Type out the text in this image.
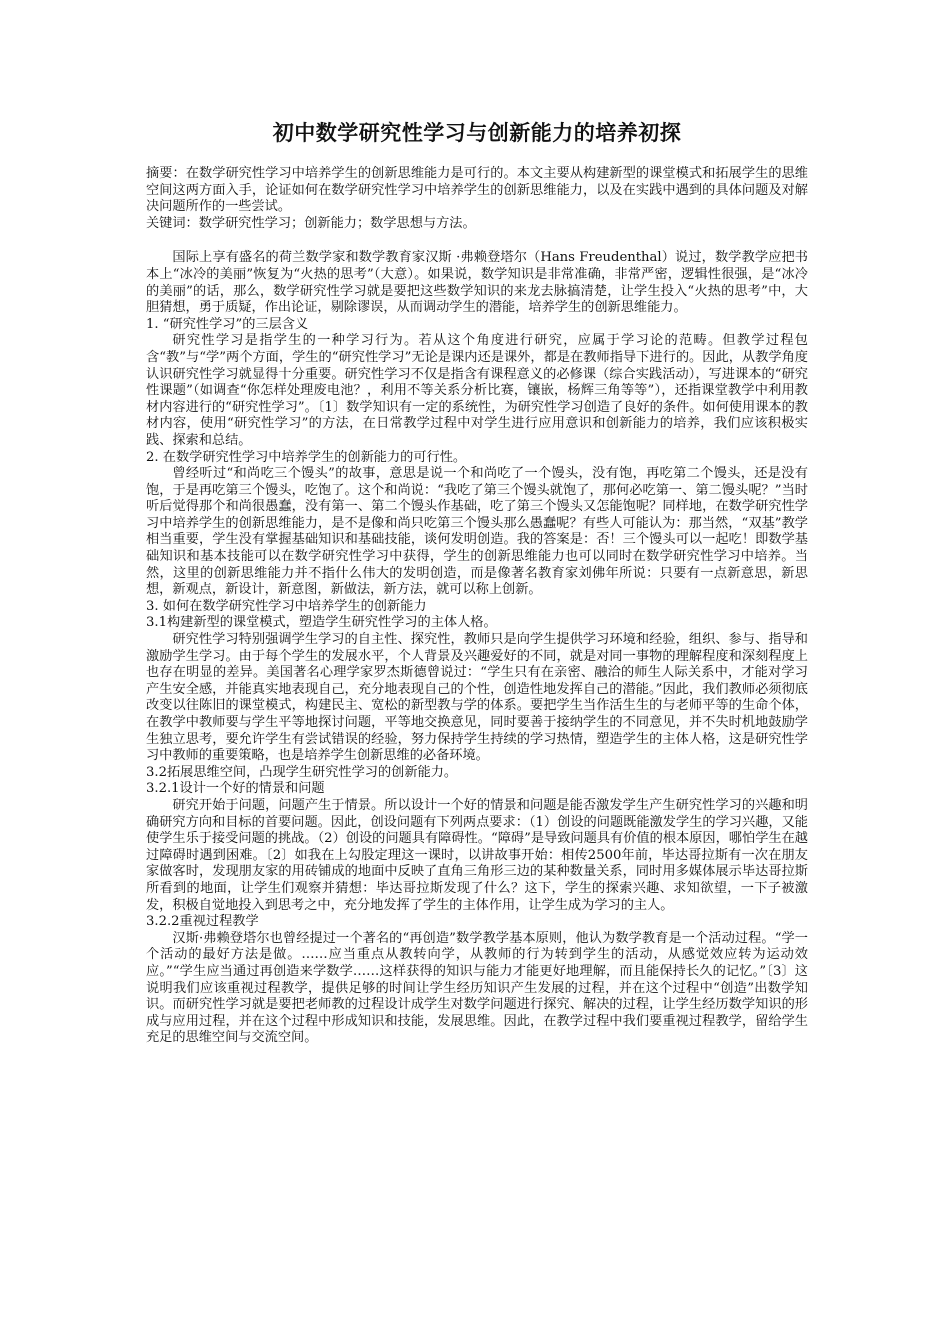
初中数学研究性学习与创新能力的培养初探

摘要：在数学研究性学习中培养学生的创新思维能力是可行的。本文主要从构建新型的课堂模式和拓展学生的思维空间这两方面入手，论证如何在数学研究性学习中培养学生的创新思维能力，以及在实践中遇到的具体问题及对解决问题所作的一些尝试。

关键词：数学研究性学习；创新能力；数学思想与方法。

国际上享有盛名的荷兰数学家和数学教育家汉斯 ·弗赖登塔尔（Hans Freudenthal）说过，数学教学应把书本上“冰冷的美丽”恢复为“火热的思考”（大意）。如果说，数学知识是非常准确，非常严密，逻辑性很强，是“冰冷的美丽”的话，那么，数学研究性学习就是要把这些数学知识的来龙去脉搞清楚，让学生投入“火热的思考”中，大胆猜想，勇于质疑，作出论证，剔除谬误，从而调动学生的潜能，培养学生的创新思维能力。

1. “研究性学习”的三层含义

研究性学习是指学生的一种学习行为。若从这个角度进行研究，应属于学习论的范畴。但教学过程包含“教”与“学”两个方面，学生的“研究性学习”无论是课内还是课外，都是在教师指导下进行的。因此，从教学角度认识研究性学习就显得十分重要。研究性学习不仅是指含有课程意义的必修课（综合实践活动），写进课本的“研究性课题”（如调查“你怎样处理废电池？，利用不等关系分析比赛，镶嵌，杨辉三角等等”），还指课堂教学中利用教材内容进行的“研究性学习”。〔1〕数学知识有一定的系统性，为研究性学习创造了良好的条件。如何使用课本的教材内容，使用“研究性学习”的方法，在日常教学过程中对学生进行应用意识和创新能力的培养，我们应该积极实践、探索和总结。

2. 在数学研究性学习中培养学生的创新能力的可行性。

曾经听过“和尚吃三个馒头”的故事，意思是说一个和尚吃了一个馒头，没有饱，再吃第二个馒头，还是没有饱，于是再吃第三个馒头，吃饱了。这个和尚说：“我吃了第三个馒头就饱了，那何必吃第一、第二馒头呢？”当时听后觉得那个和尚很愚蠢，没有第一、第二个馒头作基础，吃了第三个馒头又怎能饱呢？同样地，在数学研究性学习中培养学生的创新思维能力，是不是像和尚只吃第三个馒头那么愚蠢呢？有些人可能认为：那当然，“双基”教学相当重要，学生没有掌握基础知识和基础技能，谈何发明创造。我的答案是：否！三个馒头可以一起吃！即数学基础知识和基本技能可以在数学研究性学习中获得，学生的创新思维能力也可以同时在数学研究性学习中培养。当然，这里的创新思维能力并不指什么伟大的发明创造，而是像著名教育家刘佛年所说：只要有一点新意思，新思想，新观点，新设计，新意图，新做法，新方法，就可以称上创新。

3. 如何在数学研究性学习中培养学生的创新能力

3.1构建新型的课堂模式，塑造学生研究性学习的主体人格。

研究性学习特别强调学生学习的自主性、探究性，教师只是向学生提供学习环境和经验，组织、参与、指导和激励学生学习。由于每个学生的发展水平，个人背景及兴趣爱好的不同，就是对同一事物的理解程度和深刻程度上也存在明显的差异。美国著名心理学家罗杰斯德曾说过：“学生只有在亲密、融洽的师生人际关系中，才能对学习产生安全感，并能真实地表现自己，充分地表现自己的个性，创造性地发挥自己的潜能。”因此，我们教师必须彻底改变以往陈旧的课堂模式，构建民主、宽松的新型教与学的体系。要把学生当作活生生的与老师平等的生命个体，在教学中教师要与学生平等地探讨问题，平等地交换意见，同时要善于接纳学生的不同意见，并不失时机地鼓励学生独立思考，要允许学生有尝试错误的经验，努力保持学生持续的学习热情，塑造学生的主体人格，这是研究性学习中教师的重要策略，也是培养学生创新思维的必备环境。

3.2拓展思维空间，凸现学生研究性学习的创新能力。

3.2.1设计一个好的情景和问题

研究开始于问题，问题产生于情景。所以设计一个好的情景和问题是能否激发学生产生研究性学习的兴趣和明确研究方向和目标的首要问题。因此，创设问题有下列两点要求：（1）创设的问题既能激发学生的学习兴趣，又能使学生乐于接受问题的挑战。（2）创设的问题具有障碍性。“障碍”是导致问题具有价值的根本原因，哪怕学生在越过障碍时遇到困难。〔2〕如我在上勾股定理这一课时，以讲故事开始：相传2500年前，毕达哥拉斯有一次在朋友家做客时，发现朋友家的用砖铺成的地面中反映了直角三角形三边的某种数量关系，同时用多媒体展示毕达哥拉斯所看到的地面，让学生们观察并猜想：毕达哥拉斯发现了什么？这下，学生的探索兴趣、求知欲望，一下子被激发，积极自觉地投入到思考之中，充分地发挥了学生的主体作用，让学生成为学习的主人。

3.2.2重视过程教学

汉斯·弗赖登塔尔也曾经提过一个著名的“再创造”数学教学基本原则，他认为数学教育是一个活动过程。“学一个活动的最好方法是做。……应当重点从教转向学，从教师的行为转到学生的活动，从感觉效应转为运动效应。”“学生应当通过再创造来学数学……这样获得的知识与能力才能更好地理解，而且能保持长久的记忆。”〔3〕这说明我们应该重视过程教学，提供足够的时间让学生经历知识产生发展的过程，并在这个过程中“创造”出数学知识。而研究性学习就是要把老师教的过程设计成学生对数学问题进行探究、解决的过程，让学生经历数学知识的形成与应用过程，并在这个过程中形成知识和技能，发展思维。因此，在教学过程中我们要重视过程教学，留给学生充足的思维空间与交流空间。
